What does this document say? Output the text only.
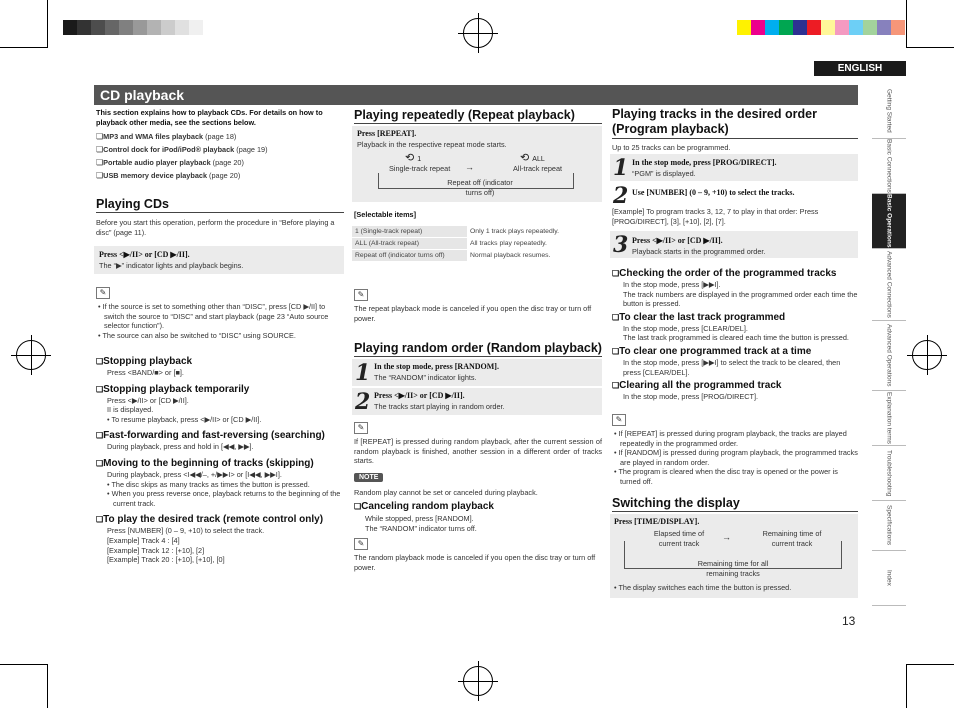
ENGLISH
CD playback	Getting Started
Basic Connections
Basic Operations
Advanced Connections
Advanced Operations
Explanation terms
Troubleshooting
Specifications
Index
This section explains how to playback CDs. For details on how to playback other media, see the sections below.
❏ MP3 and WMA files playback (page 18)
❏ Control dock for iPod/iPod® playback (page 19)
❏ Portable audio player playback (page 20)
❏ USB memory device playback (page 20)
Playing CDs
Before you start this operation, perform the procedure in “Before playing a disc” (page 11).
Press <▶/II> or [CD ▶/II].
The “▶” indicator lights and playback begins.
✎
• If the source is set to something other than “DISC”, press [CD ▶/II] to switch the source to “DISC” and start playback (page 23 “Auto source selector function”).
• The source can also be switched to “DISC” using SOURCE.
❏ Stopping playback
Press <BAND/■> or [■].
❏ Stopping playback temporarily
Press <▶/II> or [CD ▶/II].
II is displayed.
• To resume playback, press <▶/II> or [CD ▶/II].
❏ Fast-forwarding and fast-reversing (searching)
During playback, press and hold in [◀◀, ▶▶].
❏ Moving to the beginning of tracks (skipping)
During playback, press <I◀◀/–, +/▶▶I> or [I◀◀, ▶▶I].
• The disc skips as many tracks as times the button is pressed.
• When you press reverse once, playback returns to the beginning of the current track.
❏ To play the desired track (remote control only)
Press [NUMBER] (0 – 9, +10) to select the track.
[Example] Track 4 : [4]
[Example] Track 12 : [+10], [2]
[Example] Track 20 : [+10], [+10], [0]
Playing repeatedly (Repeat playback)
Press [REPEAT].
Playback in the respective repeat mode starts.
⟲ 1	⟲ ALL
Single-track repeat	All-track repeat
→
Repeat off (indicator turns off)
[Selectable items]
1 (Single-track repeat)	Only 1 track plays repeatedly.
ALL (All-track repeat)	All tracks play repeatedly.
Repeat off (indicator turns off)	Normal playback resumes.
✎
The repeat playback mode is canceled if you open the disc tray or turn off power.
Playing random order (Random playback)
1 In the stop mode, press [RANDOM].
The “RANDOM” indicator lights.
2 Press <▶/II> or [CD ▶/II].
The tracks start playing in random order.
✎
If [REPEAT] is pressed during random playback, after the current session of random playback is finished, another session in a different order of tracks starts.
NOTE
Random play cannot be set or canceled during playback.
❏ Canceling random playback
While stopped, press [RANDOM].
The “RANDOM” indicator turns off.
✎
The random playback mode is canceled if you open the disc tray or turn off power.
Playing tracks in the desired order (Program playback)
Up to 25 tracks can be programmed.
1 In the stop mode, press [PROG/DIRECT].
“PGM” is displayed.
2 Use [NUMBER] (0 – 9, +10) to select the tracks.
[Example] To program tracks 3, 12, 7 to play in that order: Press [PROG/DIRECT], [3], [+10], [2], [7].
3 Press <▶/II> or [CD ▶/II].
Playback starts in the programmed order.
❏ Checking the order of the programmed tracks
In the stop mode, press [▶▶I].
The track numbers are displayed in the programmed order each time the button is pressed.
❏ To clear the last track programmed
In the stop mode, press [CLEAR/DEL].
The last track programmed is cleared each time the button is pressed.
❏ To clear one programmed track at a time
In the stop mode, press [▶▶I] to select the track to be cleared, then press [CLEAR/DEL].
❏ Clearing all the programmed track
In the stop mode, press [PROG/DIRECT].
✎
• If [REPEAT] is pressed during program playback, the tracks are played repeatedly in the programmed order.
• If [RANDOM] is pressed during program playback, the programmed tracks are played in random order.
• The program is cleared when the disc tray is opened or the power is turned off.
Switching the display
Press [TIME/DISPLAY].
Elapsed time of current track
→	Remaining time of current track
Remaining time for all remaining tracks
• The display switches each time the button is pressed.
13
